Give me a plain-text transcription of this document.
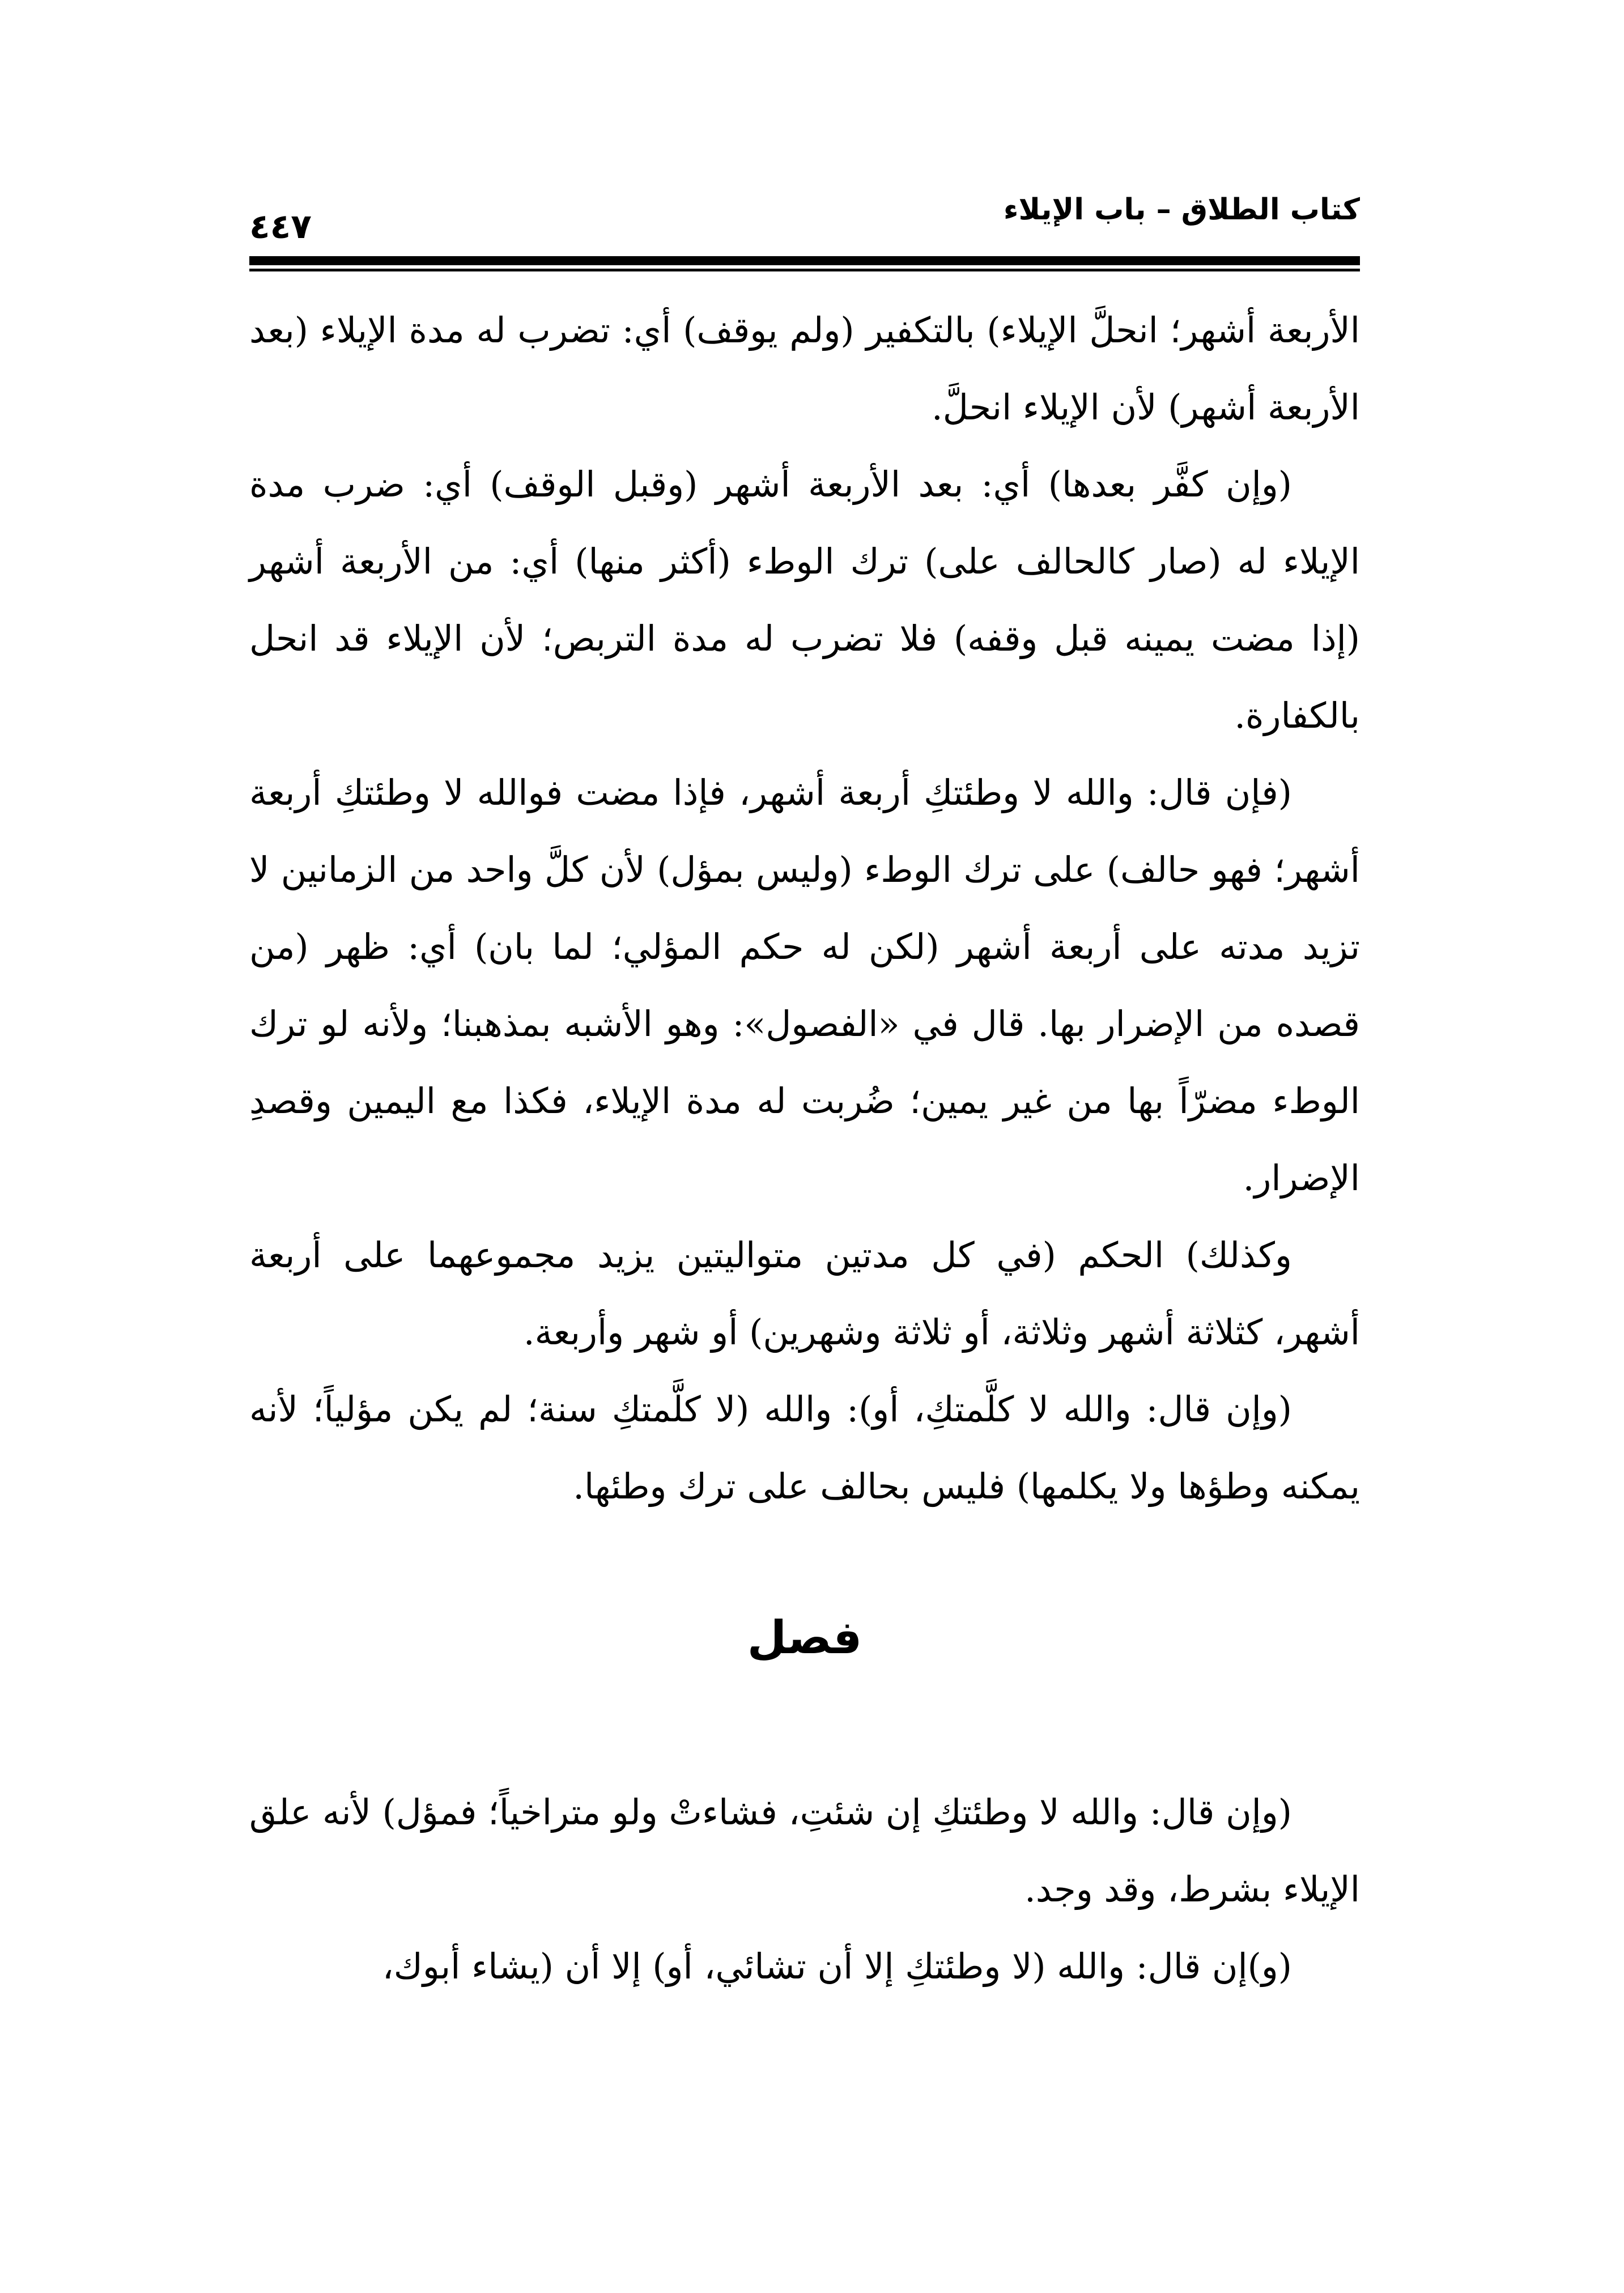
كتاب الطلاق – باب الإيلاء
٤٤٧

الأربعة أشهر؛ انحلَّ الإيلاء) بالتكفير (ولم يوقف) أي: تضرب له مدة الإيلاء (بعد الأربعة أشهر) لأن الإيلاء انحلَّ.

(وإن كفَّر بعدها) أي: بعد الأربعة أشهر (وقبل الوقف) أي: ضرب مدة الإيلاء له (صار كالحالف على) ترك الوطء (أكثر منها) أي: من الأربعة أشهر (إذا مضت يمينه قبل وقفه) فلا تضرب له مدة التربص؛ لأن الإيلاء قد انحل بالكفارة.

(فإن قال: والله لا وطئتكِ أربعة أشهر، فإذا مضت فوالله لا وطئتكِ أربعة أشهر؛ فهو حالف) على ترك الوطء (وليس بمؤل) لأن كلَّ واحد من الزمانين لا تزيد مدته على أربعة أشهر (لكن له حكم المؤلي؛ لما بان) أي: ظهر (من قصده من الإضرار بها. قال في «الفصول»: وهو الأشبه بمذهبنا؛ ولأنه لو ترك الوطء مضرّاً بها من غير يمين؛ ضُربت له مدة الإيلاء، فكذا مع اليمين وقصدِ الإضرار.

وكذلك) الحكم (في كل مدتين متواليتين يزيد مجموعهما على أربعة أشهر، كثلاثة أشهر وثلاثة، أو ثلاثة وشهرين) أو شهر وأربعة.

(وإن قال: والله لا كلَّمتكِ، أو): والله (لا كلَّمتكِ سنة؛ لم يكن مؤلياً؛ لأنه يمكنه وطؤها ولا يكلمها) فليس بحالف على ترك وطئها.

فصل

(وإن قال: والله لا وطئتكِ إن شئتِ، فشاءتْ ولو متراخياً؛ فمؤل) لأنه علق الإيلاء بشرط، وقد وجد.

(و)إن قال: والله (لا وطئتكِ إلا أن تشائي، أو) إلا أن (يشاء أبوك،
